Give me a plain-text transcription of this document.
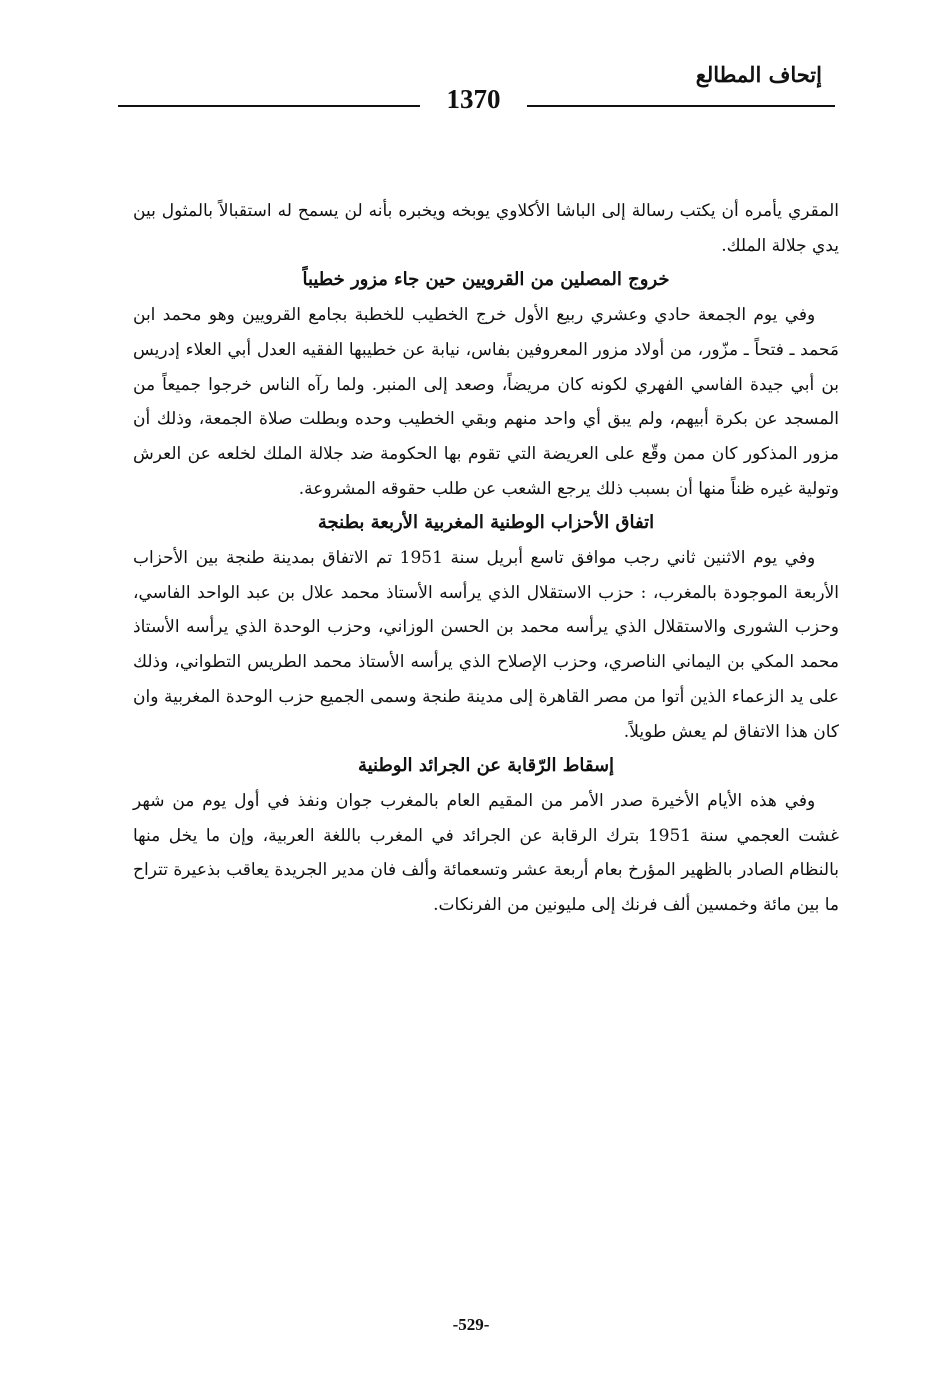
إتحاف المطالع
1370

المقري يأمره أن يكتب رسالة إلى الباشا الأكلاوي يوبخه ويخبره بأنه لن يسمح له استقبالاً بالمثول بين يدي جلالة الملك.

خروج المصلين من القرويين حين جاء مزور خطيباً

وفي يوم الجمعة حادي وعشري ربيع الأول خرج الخطيب للخطبة بجامع القرويين وهو محمد ابن مَحمد ـ فتحاً ـ مزّور، من أولاد مزور المعروفين بفاس، نيابة عن خطيبها الفقيه العدل أبي العلاء إدريس بن أبي جيدة الفاسي الفهري لكونه كان مريضاً، وصعد إلى المنبر. ولما رآه الناس خرجوا جميعاً من المسجد عن بكرة أبيهم، ولم يبق أي واحد منهم وبقي الخطيب وحده وبطلت صلاة الجمعة، وذلك أن مزور المذكور كان ممن وقّع على العريضة التي تقوم بها الحكومة ضد جلالة الملك لخلعه عن العرش وتولية غيره ظناً منها أن بسبب ذلك يرجع الشعب عن طلب حقوقه المشروعة.

اتفاق الأحزاب الوطنية المغربية الأربعة بطنجة

وفي يوم الاثنين ثاني رجب موافق تاسع أبريل سنة 1951 تم الاتفاق بمدينة طنجة بين الأحزاب الأربعة الموجودة بالمغرب، : حزب الاستقلال الذي يرأسه الأستاذ محمد علال بن عبد الواحد الفاسي، وحزب الشورى والاستقلال الذي يرأسه محمد بن الحسن الوزاني، وحزب الوحدة الذي يرأسه الأستاذ محمد المكي بن اليماني الناصري، وحزب الإصلاح الذي يرأسه الأستاذ محمد الطريس التطواني، وذلك على يد الزعماء الذين أتوا من مصر القاهرة إلى مدينة طنجة وسمى الجميع حزب الوحدة المغربية وان كان هذا الاتفاق لم يعش طويلاً.

إسقاط الرّقابة عن الجرائد الوطنية

وفي هذه الأيام الأخيرة صدر الأمر من المقيم العام بالمغرب جوان ونفذ في أول يوم من شهر غشت العجمي سنة 1951 بترك الرقابة عن الجرائد في المغرب باللغة العربية، وإن ما يخل منها بالنظام الصادر بالظهير المؤرخ بعام أربعة عشر وتسعمائة وألف فان مدير الجريدة يعاقب بذعيرة تتراح ما بين مائة وخمسين ألف فرنك إلى مليونين من الفرنكات.

-529-
